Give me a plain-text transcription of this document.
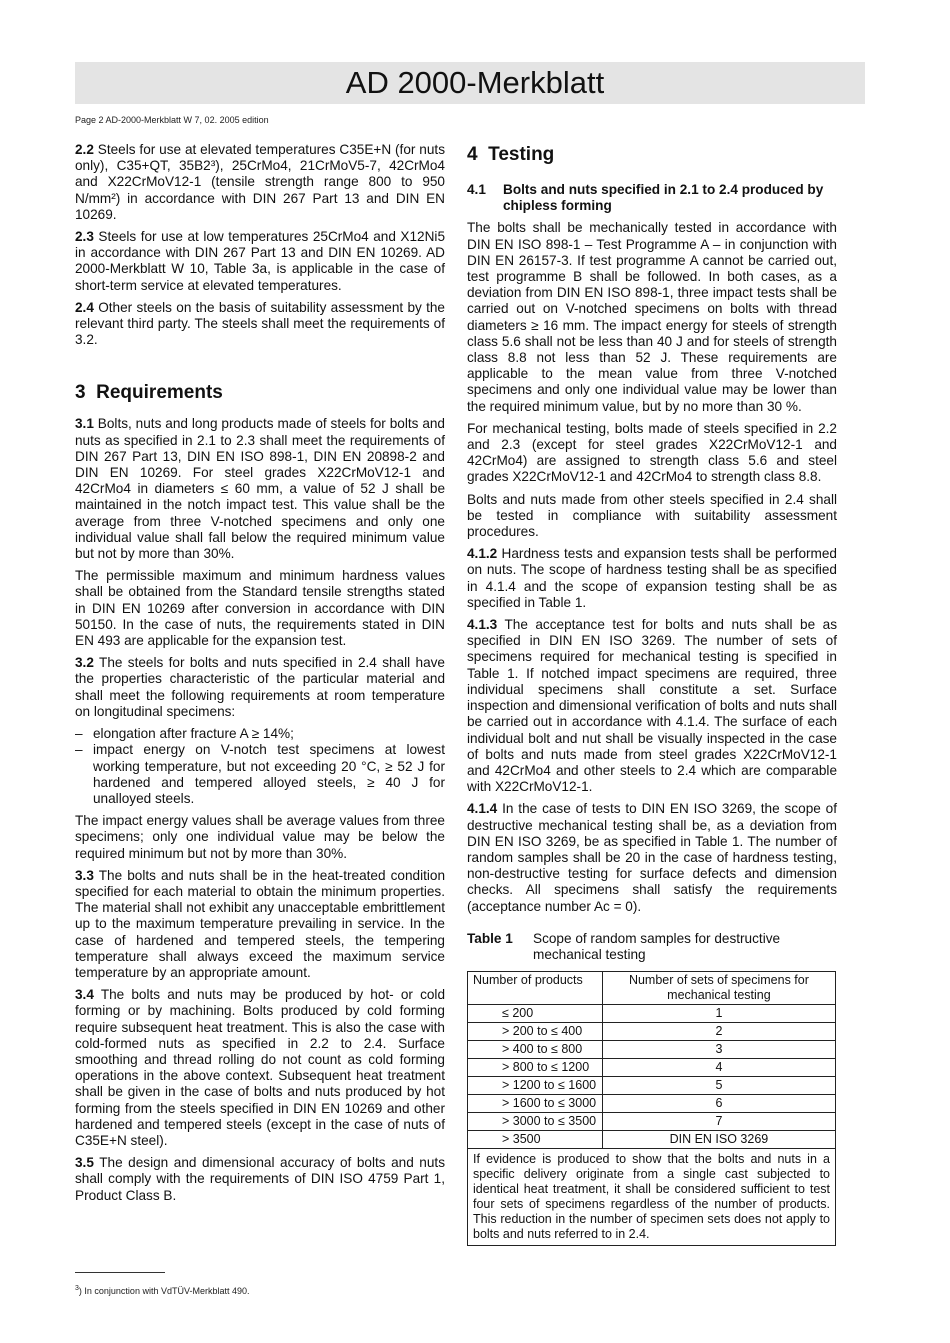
AD 2000-Merkblatt
Page 2 AD-2000-Merkblatt W 7, 02. 2005 edition

2.2 Steels for use at elevated temperatures C35E+N (for nuts only), C35+QT, 35B2³), 25CrMo4, 21CrMoV5-7, 42CrMo4 and X22CrMoV12-1 (tensile strength range 800 to 950 N/mm²) in accordance with DIN 267 Part 13 and DIN EN 10269.

2.3 Steels for use at low temperatures 25CrMo4 and X12Ni5 in accordance with DIN 267 Part 13 and DIN EN 10269. AD 2000-Merkblatt W 10, Table 3a, is applicable in the case of short-term service at elevated temperatures.

2.4 Other steels on the basis of suitability assessment by the relevant third party. The steels shall meet the requirements of 3.2.

3 Requirements

3.1 Bolts, nuts and long products made of steels for bolts and nuts as specified in 2.1 to 2.3 shall meet the requirements of DIN 267 Part 13, DIN EN ISO 898-1, DIN EN 20898-2 and DIN EN 10269. For steel grades X22CrMoV12-1 and 42CrMo4 in diameters ≤ 60 mm, a value of 52 J shall be maintained in the notch impact test. This value shall be the average from three V-notched specimens and only one individual value shall fall below the required minimum value but not by more than 30%.

The permissible maximum and minimum hardness values shall be obtained from the Standard tensile strengths stated in DIN EN 10269 after conversion in accordance with DIN 50150. In the case of nuts, the requirements stated in DIN EN 493 are applicable for the expansion test.

3.2 The steels for bolts and nuts specified in 2.4 shall have the properties characteristic of the particular material and shall meet the following requirements at room temperature on longitudinal specimens:

– elongation after fracture A ≥ 14%;
– impact energy on V-notch test specimens at lowest working temperature, but not exceeding 20 °C, ≥ 52 J for hardened and tempered alloyed steels, ≥ 40 J for unalloyed steels.

The impact energy values shall be average values from three specimens; only one individual value may be below the required minimum but not by more than 30%.

3.3 The bolts and nuts shall be in the heat-treated condition specified for each material to obtain the minimum properties. The material shall not exhibit any unacceptable embrittlement up to the maximum temperature prevailing in service. In the case of hardened and tempered steels, the tempering temperature shall always exceed the maximum service temperature by an appropriate amount.

3.4 The bolts and nuts may be produced by hot- or cold forming or by machining. Bolts produced by cold forming require subsequent heat treatment. This is also the case with cold-formed nuts as specified in 2.2 to 2.4. Surface smoothing and thread rolling do not count as cold forming operations in the above context. Subsequent heat treatment shall be given in the case of bolts and nuts produced by hot forming from the steels specified in DIN EN 10269 and other hardened and tempered steels (except in the case of nuts of C35E+N steel).

3.5 The design and dimensional accuracy of bolts and nuts shall comply with the requirements of DIN ISO 4759 Part 1, Product Class B.

$^3$) In conjunction with VdTÜV-Merkblatt 490.
4 Testing
4.1	Bolts and nuts specified in 2.1 to 2.4 produced by chipless forming

The bolts shall be mechanically tested in accordance with DIN EN ISO 898-1 – Test Programme A – in conjunction with DIN EN 26157-3. If test programme A cannot be carried out, test programme B shall be followed. In both cases, as a deviation from DIN EN ISO 898-1, three impact tests shall be carried out on V-notched specimens on bolts with thread diameters ≥ 16 mm. The impact energy for steels of strength class 5.6 shall not be less than 40 J and for steels of strength class 8.8 not less than 52 J. These requirements are applicable to the mean value from three V-notched specimens and only one individual value may be lower than the required minimum value, but by no more than 30 %.

For mechanical testing, bolts made of steels specified in 2.2 and 2.3 (except for steel grades X22CrMoV12-1 and 42CrMo4) are assigned to strength class 5.6 and steel grades X22CrMoV12-1 and 42CrMo4 to strength class 8.8.

Bolts and nuts made from other steels specified in 2.4 shall be tested in compliance with suitability assessment procedures.

4.1.2 Hardness tests and expansion tests shall be performed on nuts. The scope of hardness testing shall be as specified in 4.1.4 and the scope of expansion testing shall be as specified in Table 1.

4.1.3 The acceptance test for bolts and nuts shall be as specified in DIN EN ISO 3269. The number of sets of specimens required for mechanical testing is specified in Table 1. If notched impact specimens are required, three individual specimens shall constitute a set. Surface inspection and dimensional verification of bolts and nuts shall be carried out in accordance with 4.1.4. The surface of each individual bolt and nut shall be visually inspected in the case of bolts and nuts made from steel grades X22CrMoV12-1 and 42CrMo4 and other steels to 2.4 which are comparable with X22CrMoV12-1.

4.1.4 In the case of tests to DIN EN ISO 3269, the scope of destructive mechanical testing shall be, as a deviation from DIN EN ISO 3269, be as specified in Table 1. The number of random samples shall be 20 in the case of hardness testing, non-destructive testing for surface defects and dimension checks. All specimens shall satisfy the requirements (acceptance number Ac = 0).

Table 1	Scope of random samples for destructive mechanical testing
Number of products	Number of sets of specimens for mechanical testing
≤ 200	1
> 200 to ≤ 400	2
> 400 to ≤ 800	3
> 800 to ≤ 1200	4
> 1200 to ≤ 1600	5
> 1600 to ≤ 3000	6
> 3000 to ≤ 3500	7
> 3500	DIN EN ISO 3269
If evidence is produced to show that the bolts and nuts in a specific delivery originate from a single cast subjected to identical heat treatment, it shall be considered sufficient to test four sets of specimens regardless of the number of products. This reduction in the number of specimen sets does not apply to bolts and nuts referred to in 2.4.	
